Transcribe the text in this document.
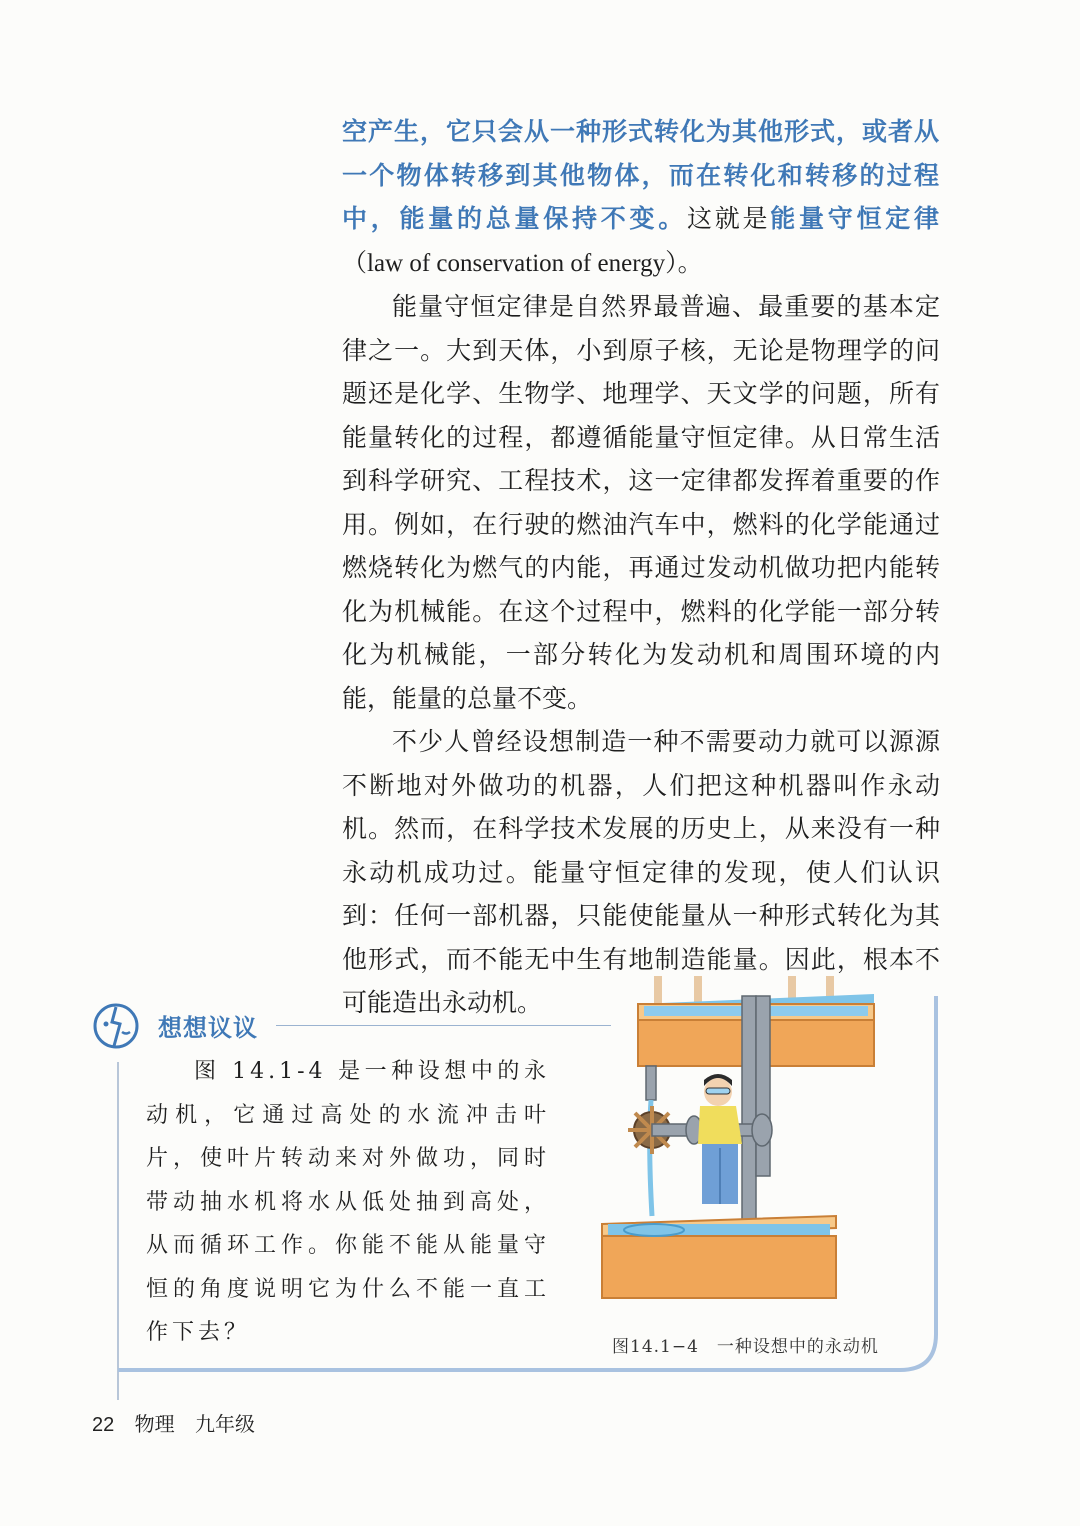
空产生，它只会从一种形式转化为其他形式，或者从一个物体转移到其他物体，而在转化和转移的过程中，能量的总量保持不变。这就是能量守恒定律（law of conservation of energy）。

能量守恒定律是自然界最普遍、最重要的基本定律之一。大到天体，小到原子核，无论是物理学的问题还是化学、生物学、地理学、天文学的问题，所有能量转化的过程，都遵循能量守恒定律。从日常生活到科学研究、工程技术，这一定律都发挥着重要的作用。例如，在行驶的燃油汽车中，燃料的化学能通过燃烧转化为燃气的内能，再通过发动机做功把内能转化为机械能。在这个过程中，燃料的化学能一部分转化为机械能，一部分转化为发动机和周围环境的内能，能量的总量不变。

不少人曾经设想制造一种不需要动力就可以源源不断地对外做功的机器，人们把这种机器叫作永动机。然而，在科学技术发展的历史上，从来没有一种永动机成功过。能量守恒定律的发现，使人们认识到：任何一部机器，只能使能量从一种形式转化为其他形式，而不能无中生有地制造能量。因此，根本不可能造出永动机。

想想议议

图 14.1-4 是一种设想中的永动机，它通过高处的水流冲击叶片，使叶片转动来对外做功，同时带动抽水机将水从低处抽到高处，从而循环工作。你能不能从能量守恒的角度说明它为什么不能一直工作下去？

图14.1−4　一种设想中的永动机
22 物理 九年级
